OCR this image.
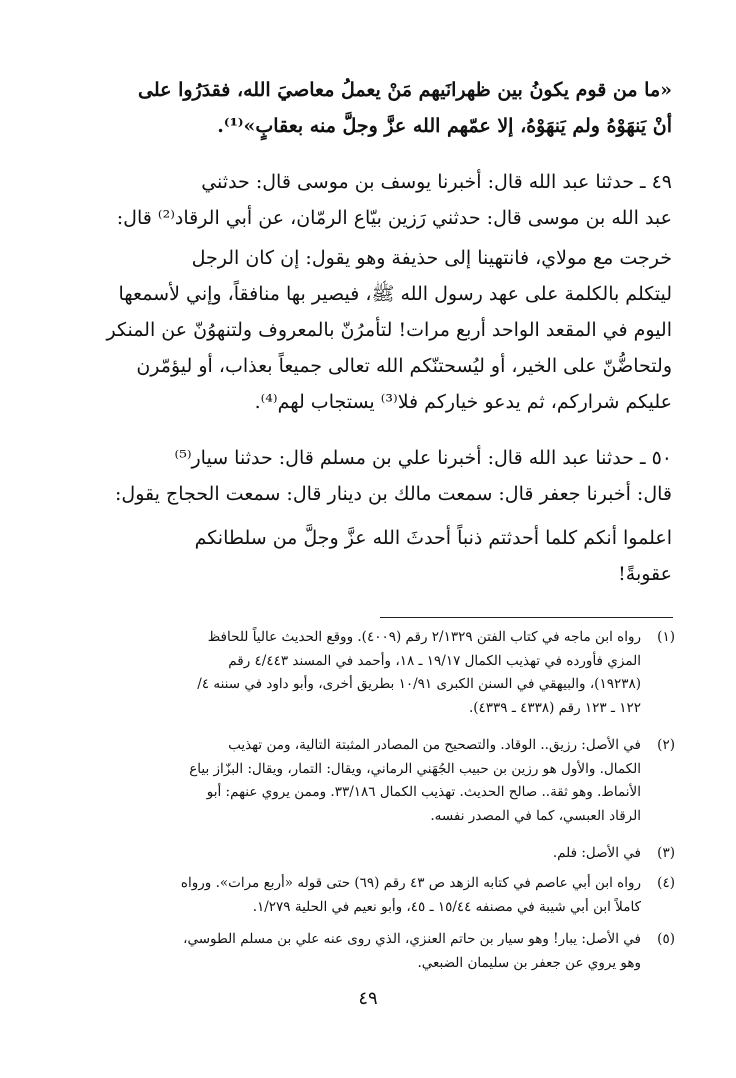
«ما من قوم يكونُ بين ظهرانَيهم مَنْ يعملُ معاصيَ الله، فقدَرُوا على
أنْ يَنهَوْهُ ولم يَنهَوْهُ، إلا عمّهم الله عزَّ وجلَّ منه بعقابٍ»⁽¹⁾.
٤٩ ـ حدثنا عبد الله قال: أخبرنا يوسف بن موسى قال: حدثني
عبد الله بن موسى قال: حدثني رَزين بيّاع الرمّان، عن أبي الرقاد⁽²⁾ قال:
خرجت مع مولاي، فانتهينا إلى حذيفة وهو يقول: إن كان الرجل
ليتكلم بالكلمة على عهد رسول الله ﷺ، فيصير بها منافقاً، وإني لأسمعها
اليوم في المقعد الواحد أربع مرات! لتأمرُنّ بالمعروف ولتنهوُنّ عن المنكر
ولتحاضُّنّ على الخير، أو ليُسحتنّكم الله تعالى جميعاً بعذاب، أو ليؤمّرن
عليكم شراركم، ثم يدعو خياركم فلا⁽³⁾ يستجاب لهم⁽⁴⁾.
٥٠ ـ حدثنا عبد الله قال: أخبرنا علي بن مسلم قال: حدثنا سيار⁽⁵⁾
قال: أخبرنا جعفر قال: سمعت مالك بن دينار قال: سمعت الحجاج يقول:
اعلموا أنكم كلما أحدثتم ذنباً أحدثَ الله عزَّ وجلَّ من سلطانكم
عقوبةً!
(١)
رواه ابن ماجه في كتاب الفتن ٢/١٣٢٩ رقم (٤٠٠٩). ووقع الحديث عالياً للحافظ
المزي فأورده في تهذيب الكمال ١٩/١٧ ـ ١٨، وأحمد في المسند ٤/٤٤٣ رقم
(١٩٢٣٨)، والبيهقي في السنن الكبرى ١٠/٩١ بطريق أخرى، وأبو داود في سننه ٤/
١٢٢ ـ ١٢٣ رقم (٤٣٣٨ ـ ٤٣٣٩).
(٢)
في الأصل: رزيق.. الوقاد. والتصحيح من المصادر المثبتة التالية، ومن تهذيب
الكمال. والأول هو رزين بن حبيب الجُهَني الرماني، ويقال: التمار، ويقال: البزّاز بياع
الأنماط. وهو ثقة.. صالح الحديث. تهذيب الكمال ٣٣/١٨٦. وممن يروي عنهم: أبو
الرقاد العبسي، كما في المصدر نفسه.
(٣)
في الأصل: فلم.
(٤)
رواه ابن أبي عاصم في كتابه الزهد ص ٤٣ رقم (٦٩) حتى قوله «أربع مرات». ورواه
كاملاً ابن أبي شيبة في مصنفه ١٥/٤٤ ـ ٤٥، وأبو نعيم في الحلية ١/٢٧٩.
(٥)
في الأصل: يبار! وهو سيار بن حاتم العنزي، الذي روى عنه علي بن مسلم الطوسي،
وهو يروي عن جعفر بن سليمان الضبعي.
٤٩
